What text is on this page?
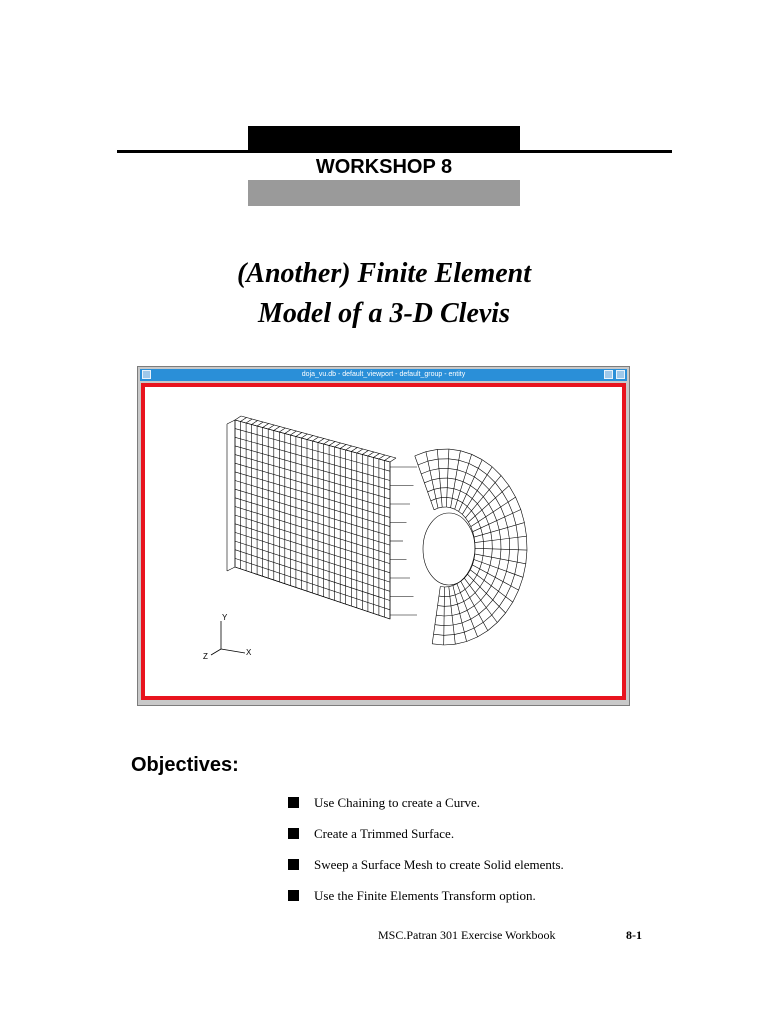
WORKSHOP 8
(Another) Finite Element
Model of a 3-D Clevis
doja_vu.db - default_viewport - default_group - entity
Y
X
Z
Objectives:
Use Chaining to create a Curve.
Create a Trimmed Surface.
Sweep a Surface Mesh to create Solid elements.
Use the Finite Elements Transform option.
MSC.Patran 301 Exercise Workbook	8-1
